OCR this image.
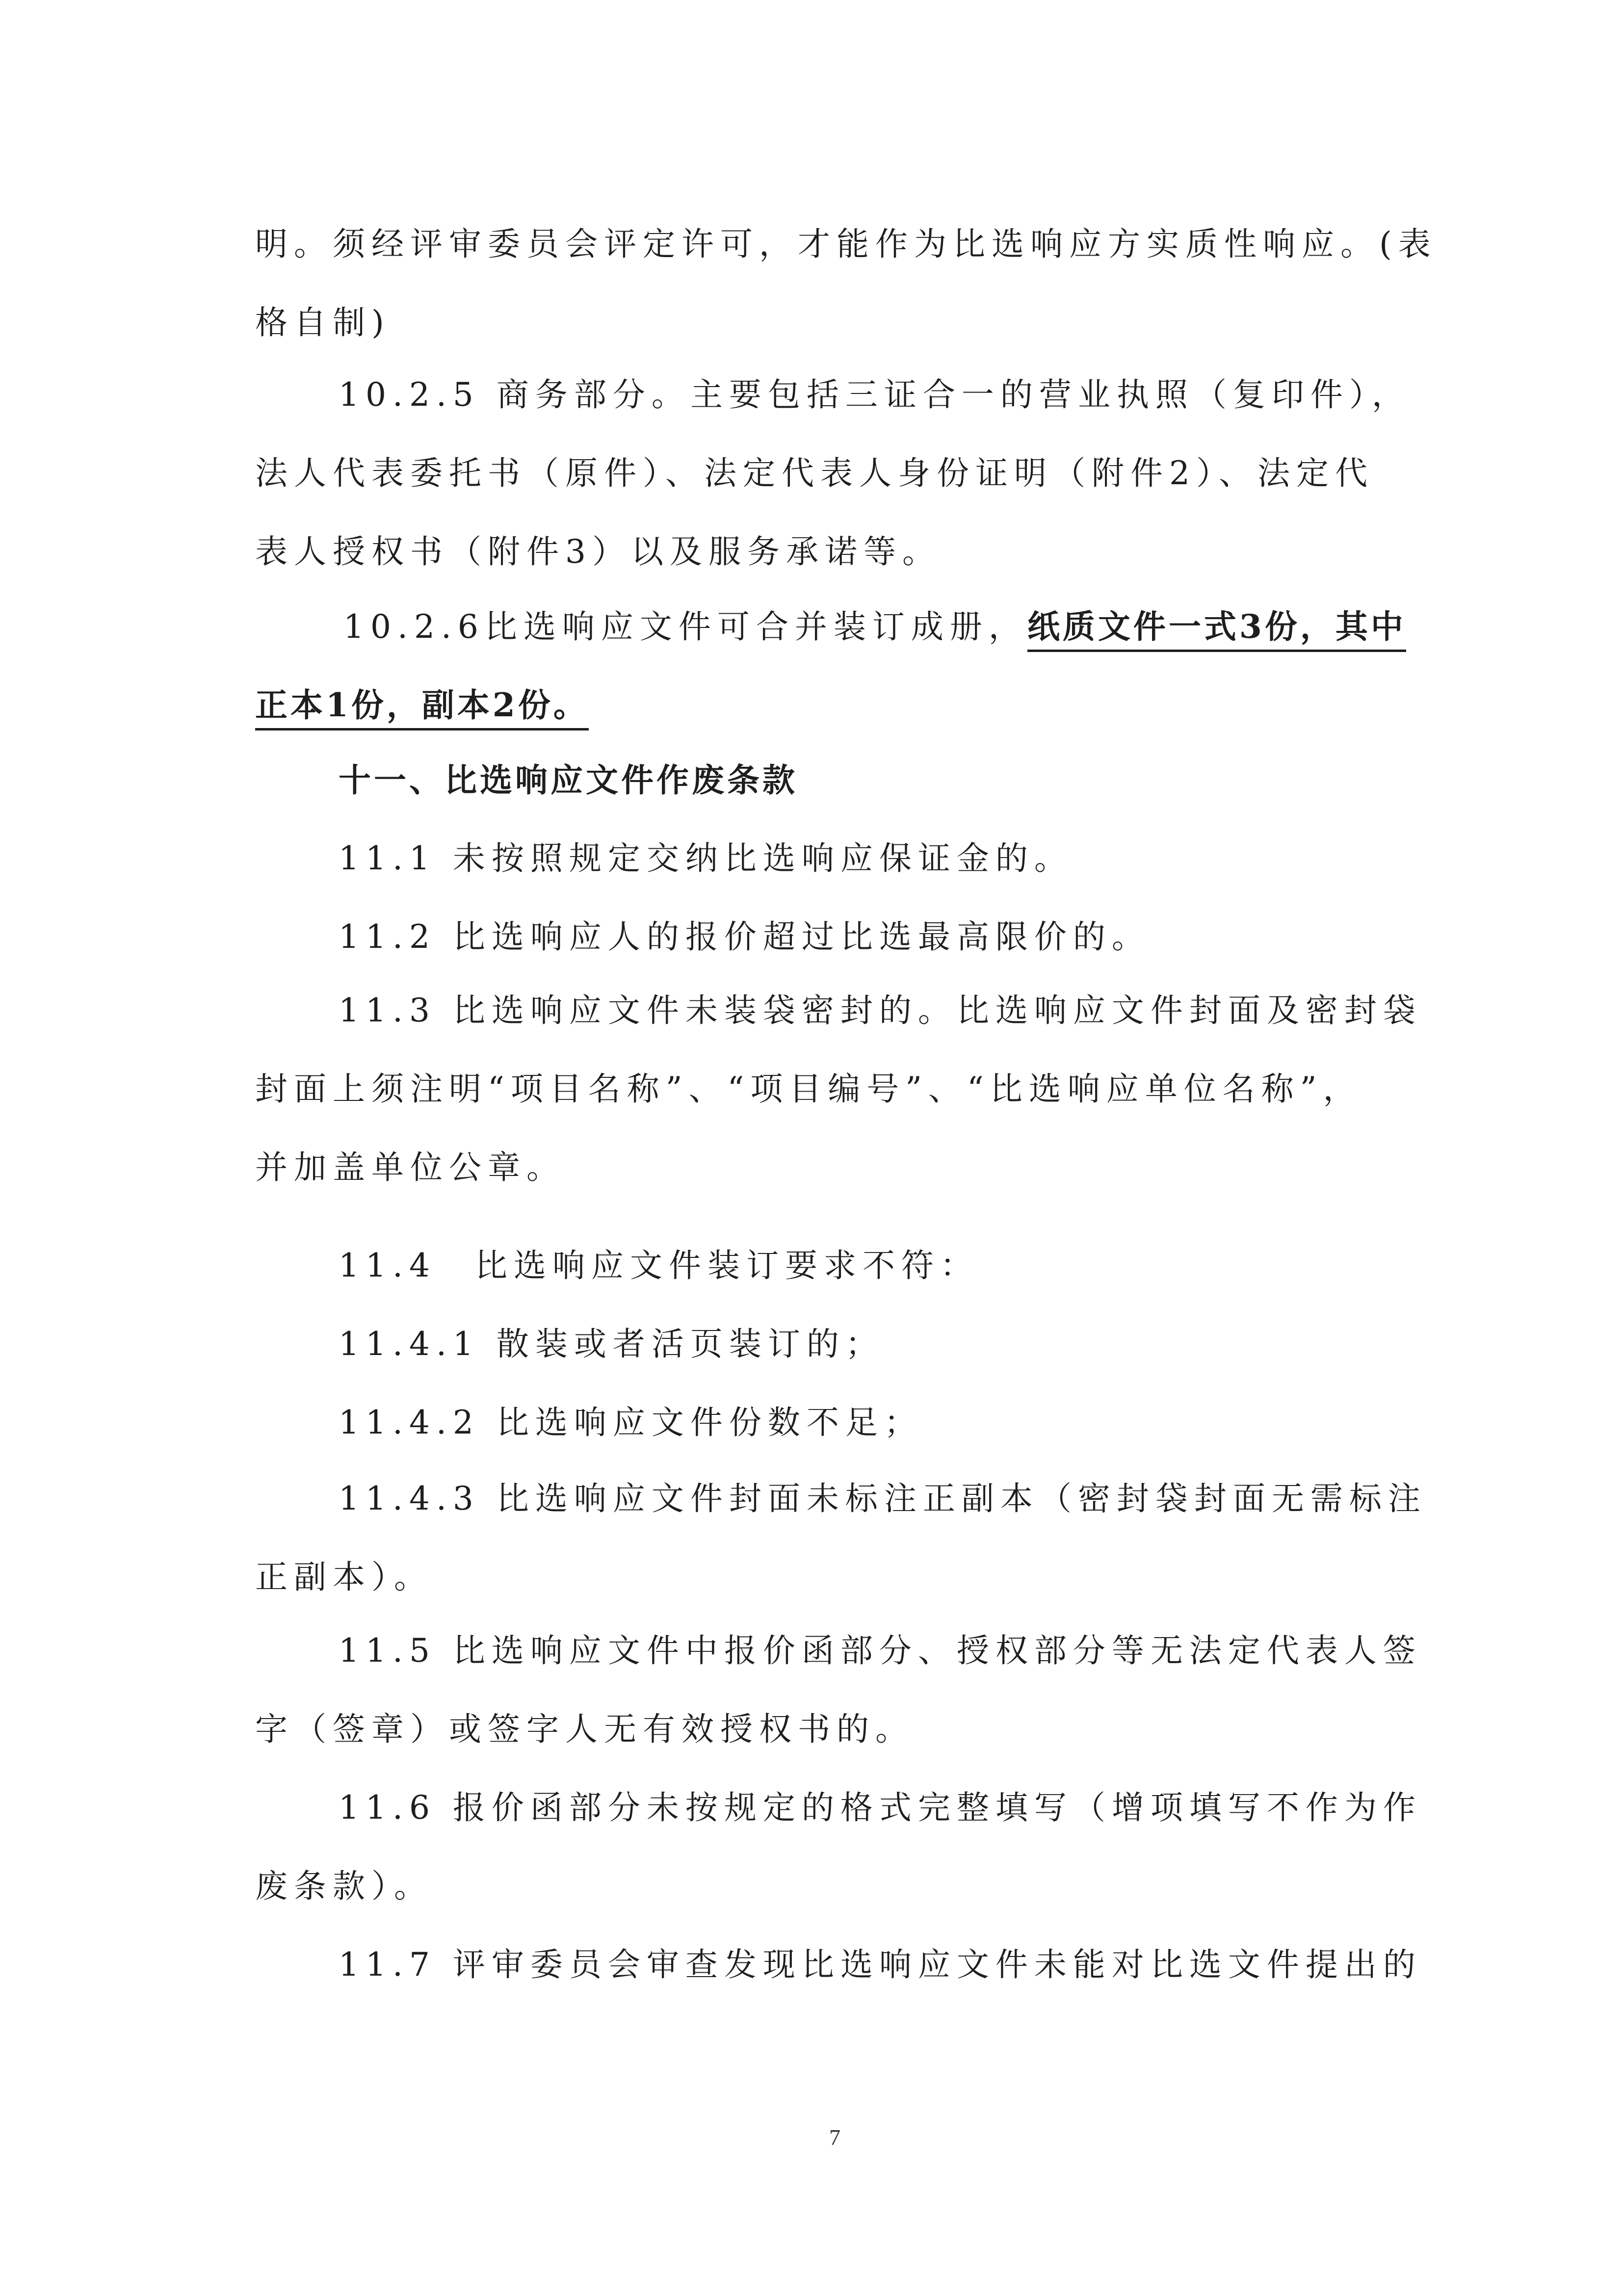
明。须经评审委员会评定许可，才能作为比选响应方实质性响应。(表
格自制)
10.2.5 商务部分。主要包括三证合一的营业执照（复印件），
法人代表委托书（原件）、法定代表人身份证明（附件2）、法定代
表人授权书（附件3）以及服务承诺等。
10.2.6比选响应文件可合并装订成册，纸质文件一式3份，其中
正本1份，副本2份。
十一、比选响应文件作废条款
11.1 未按照规定交纳比选响应保证金的。
11.2 比选响应人的报价超过比选最高限价的。
11.3 比选响应文件未装袋密封的。比选响应文件封面及密封袋
封面上须注明“项目名称”、“项目编号”、“比选响应单位名称”，
并加盖单位公章。
11.4　比选响应文件装订要求不符：
11.4.1 散装或者活页装订的；
11.4.2 比选响应文件份数不足；
11.4.3 比选响应文件封面未标注正副本（密封袋封面无需标注
正副本）。
11.5 比选响应文件中报价函部分、授权部分等无法定代表人签
字（签章）或签字人无有效授权书的。
11.6 报价函部分未按规定的格式完整填写（增项填写不作为作
废条款）。
11.7 评审委员会审查发现比选响应文件未能对比选文件提出的
7
